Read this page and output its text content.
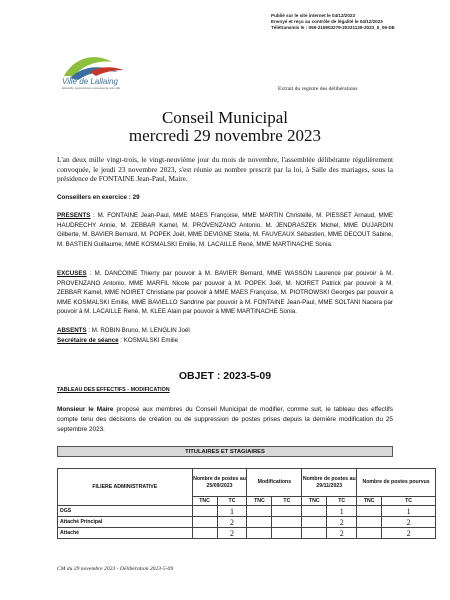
Publié sur le site internet le 04/12/2023
Envoyé et reçu au contrôle de légalité le 04/12/2023
Télétransmis le : 059-215903279-20231129-2023_5_09-DE
Ville de Lallaing
Ensemble, poursuivons le renouveau de notre ville	Extrait du registre des délibérations
Conseil Municipal
mercredi 29 novembre 2023

L'an deux mille vingt-trois, le vingt-neuvième jour du mois de novembre, l'assemblée délibérante régulièrement convoquée, le jeudi 23 novembre 2023, s'est réunie au nombre prescrit par la loi, à Salle des mariages, sous la présidence de FONTAINE Jean-Paul, Maire.

Conseillers en exercice : 29

PRESENTS : M. FONTAINE Jean-Paul, MME MAES Françoise, MME MARTIN Christelle, M. PIESSET Arnaud, MME HAUDRECHY Annie, M. ZEBBAR Kamel, M. PROVENZANO Antonio, M. JENDRASZEK Michel, MME DUJARDIN Gilberte, M. BAVIER Bernard, M. POPEK Joël, MME DEVIGNE Stella, M. FAUVEAUX Sébastien, MME DECOUT Sabine, M. BASTIEN Guillaume, MME KOSMALSKI Emilie, M. LACAILLE René, MME MARTINACHE Sonia.

EXCUSES : M. DANCOINE Thierry par pouvoir à M. BAVIER Bernard, MME WASSON Laurence par pouvoir à M. PROVENZANO Antonio, MME MARFIL Nicole par pouvoir à M. POPEK Joël, M. NOIRET Patrick par pouvoir à M. ZEBBAR Kamel, MME NOIRET Christiane par pouvoir à MME MAES Françoise, M. PIOTROWSKI Georges par pouvoir à MME KOSMALSKI Emilie, MME BAVIELLO Sandrine par pouvoir à M. FONTAINE Jean-Paul, MME SOLTANI Nacera par pouvoir à M. LACAILLE René, M. KLEE Alain par pouvoir à MME MARTINACHE Sonia.

ABSENTS : M. ROBIN Bruno, M. LENGLIN Joël

Secrétaire de séance : KOSMALSKI Emilie

OBJET : 2023-5-09
TABLEAU DES EFFECTIFS - MODIFICATION

Monsieur le Maire propose aux membres du Conseil Municipal de modifier, comme suit, le tableau des effectifs compte tenu des décisions de création ou de suppression de postes prises depuis la dernière modification du 25 septembre 2023.

TITULAIRES ET STAGIAIRES
FILIERE ADMINISTRATIVE	Nombre de postes au 25/09/2023		Modifications		Nombre de postes au 29/11/2023		Nombre de postes pourvus	
	TNC	TC	TNC	TC	TNC	TC	TNC	TC
DGS		1				1		1
Attaché Principal		2				2		2
Attaché		2				2		2
CM du 29 novembre 2023 - Délibération 2023-5-09
